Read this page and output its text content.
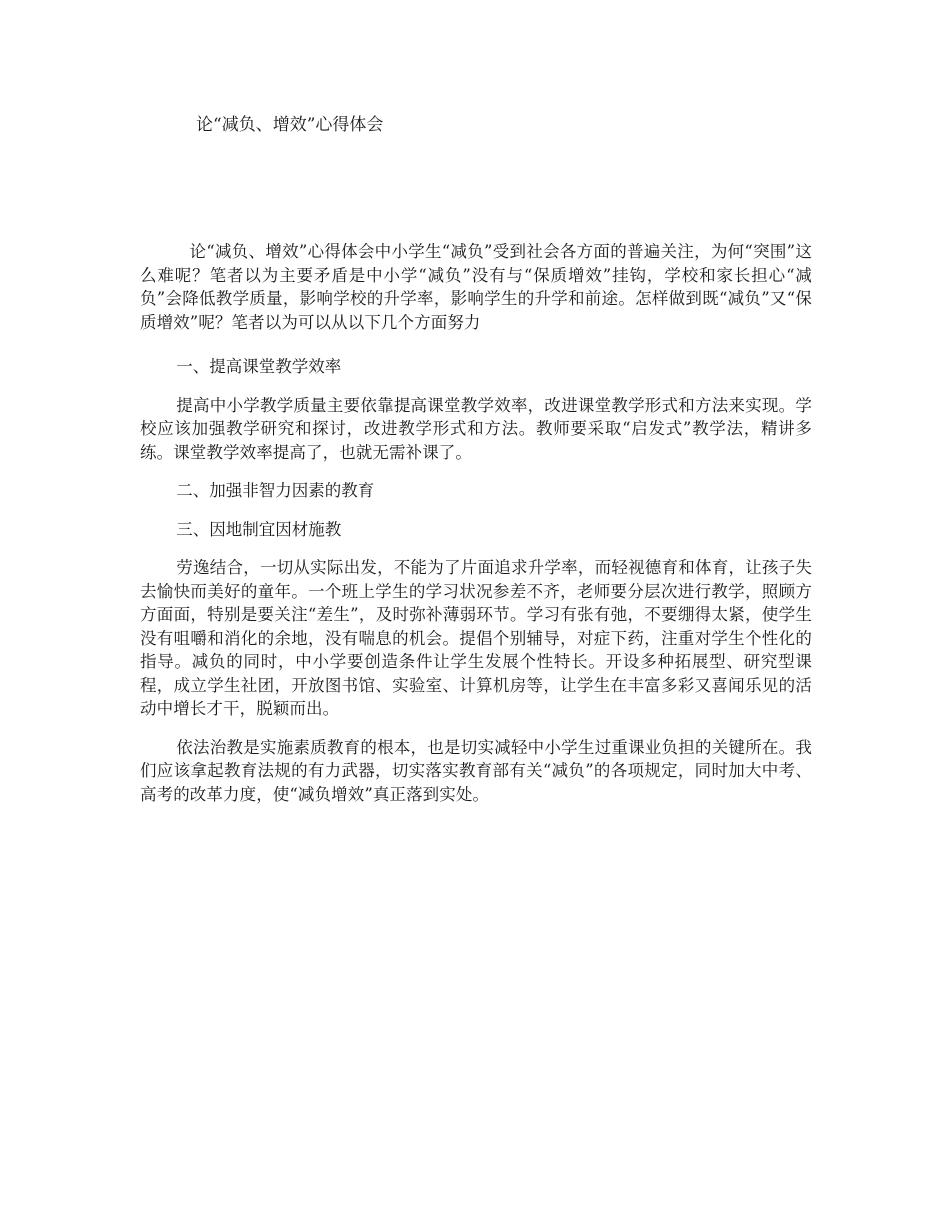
论“减负、增效”心得体会

论“减负、增效”心得体会中小学生“减负”受到社会各方面的普遍关注，为何“突围”这么难呢？笔者以为主要矛盾是中小学“减负”没有与“保质增效”挂钩，学校和家长担心“减负”会降低教学质量，影响学校的升学率，影响学生的升学和前途。怎样做到既“减负”又“保质增效”呢？笔者以为可以从以下几个方面努力

一、提高课堂教学效率

提高中小学教学质量主要依靠提高课堂教学效率，改进课堂教学形式和方法来实现。学校应该加强教学研究和探讨，改进教学形式和方法。教师要采取“启发式”教学法，精讲多练。课堂教学效率提高了，也就无需补课了。

二、加强非智力因素的教育

三、因地制宜因材施教

劳逸结合，一切从实际出发，不能为了片面追求升学率，而轻视德育和体育，让孩子失去愉快而美好的童年。一个班上学生的学习状况参差不齐，老师要分层次进行教学，照顾方方面面，特别是要关注“差生”，及时弥补薄弱环节。学习有张有弛，不要绷得太紧，使学生没有咀嚼和消化的余地，没有喘息的机会。提倡个别辅导，对症下药，注重对学生个性化的指导。减负的同时，中小学要创造条件让学生发展个性特长。开设多种拓展型、研究型课程，成立学生社团，开放图书馆、实验室、计算机房等，让学生在丰富多彩又喜闻乐见的活动中增长才干，脱颖而出。

依法治教是实施素质教育的根本，也是切实减轻中小学生过重课业负担的关键所在。我们应该拿起教育法规的有力武器，切实落实教育部有关“减负”的各项规定，同时加大中考、高考的改革力度，使“减负增效”真正落到实处。
